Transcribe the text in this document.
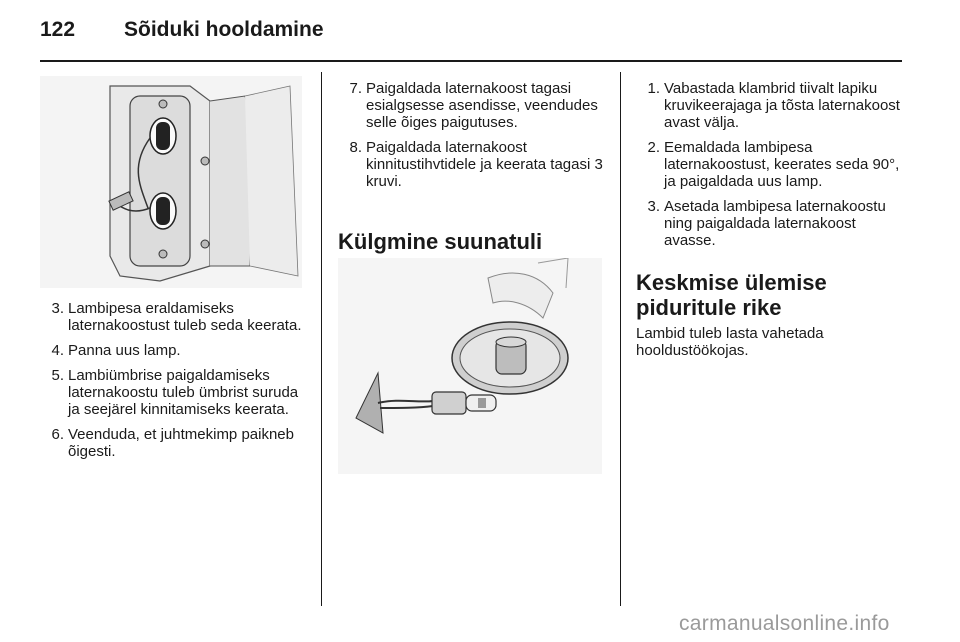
122	Sõiduki hooldamine
3. Lambipesa eraldamiseks laternakoostust tuleb seda keerata.
4. Panna uus lamp.
5. Lambiümbrise paigaldamiseks laternakoostu tuleb ümbrist suruda ja seejärel kinnitamiseks keerata.
6. Veenduda, et juhtmekimp paikneb õigesti.
7. Paigaldada laternakoost tagasi esialgsesse asendisse, veendudes selle õiges paigutuses.
8. Paigaldada laternakoost kinnitustihvtidele ja keerata tagasi 3 kruvi.
Külgmine suunatuli
1. Vabastada klambrid tiivalt lapiku kruvikeerajaga ja tõsta laternakoost avast välja.
2. Eemaldada lambipesa laternakoostust, keerates seda 90°, ja paigaldada uus lamp.
3. Asetada lambipesa laternakoostu ning paigaldada laternakoost avasse.
Keskmise ülemise piduritule rike
Lambid tuleb lasta vahetada hooldustöökojas.
carmanualsonline.info
